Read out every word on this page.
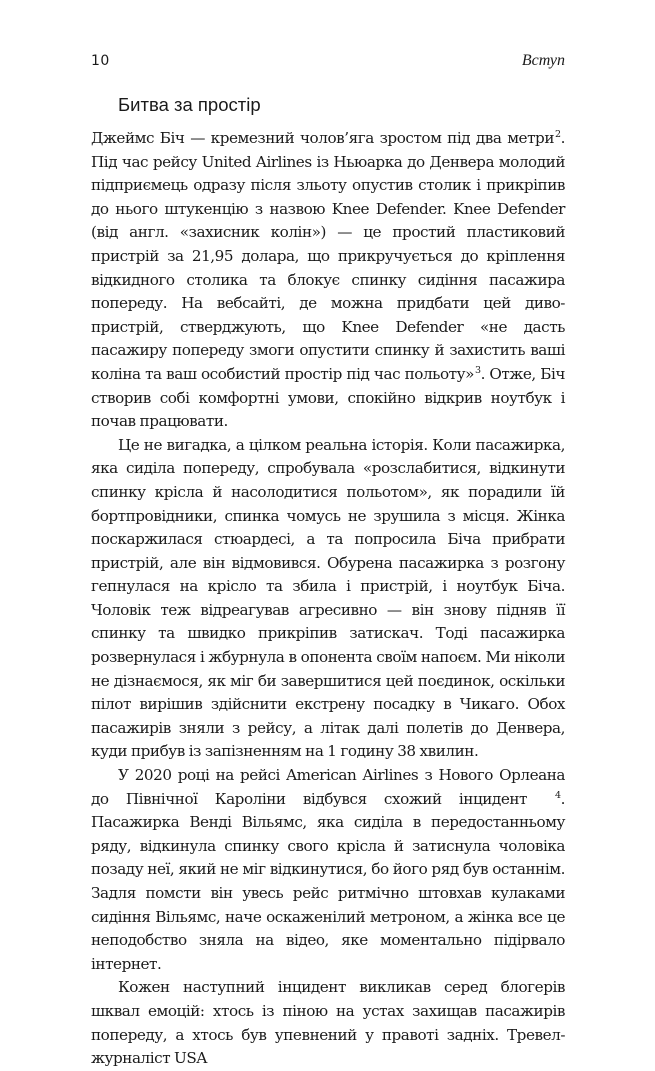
10	Вступ
Битва за простір

Джеймс Біч — кремезний чолов’яга зростом під два метри2. Під час рейсу United Airlines із Ньюарка до Денвера молодий підприємець одразу після зльоту опустив столик і прикріпив до нього штукенцію з назвою Knee Defender. Knee Defender (від англ. «захисник колін») — це простий пластиковий пристрій за 21,95 долара, що прикручується до кріплення відкидного столика та блокує спинку сидіння пасажира попереду. На вебсайті, де можна придбати цей диво-пристрій, стверджують, що Knee Defender «не дасть пасажиру попереду змоги опустити спинку й захистить ваші коліна та ваш особистий простір під час польоту»3. Отже, Біч створив собі комфортні умови, спокійно відкрив ноутбук і почав працювати.

Це не вигадка, а цілком реальна історія. Коли пасажирка, яка сиділа попереду, спробувала «розслабитися, відкинути спинку крісла й насолодитися польотом», як порадили їй бортпровідники, спинка чомусь не зрушила з місця. Жінка поскаржилася стюардесі, а та попросила Біча прибрати пристрій, але він відмовився. Обурена пасажирка з розгону гепнулася на крісло та збила і пристрій, і ноутбук Біча. Чоловік теж відреагував агресивно — він знову підняв її спинку та швидко прикріпив затискач. Тоді пасажирка розвернулася і жбурнула в опонента своїм напоєм. Ми ніколи не дізнаємося, як міг би завершитися цей поєдинок, оскільки пілот вирішив здійснити екстрену посадку в Чикаго. Обох пасажирів зняли з рейсу, а літак далі полетів до Денвера, куди прибув із запізненням на 1 годину 38 хвилин.

У 2020 році на рейсі American Airlines з Нового Орлеана до Північної Кароліни відбувся схожий інцидент	4. Пасажирка Венді Вільямс, яка сиділа в передостанньому ряду, відкинула спинку свого крісла й затиснула чоловіка позаду неї, який не міг відкинутися, бо його ряд був останнім. Задля помсти він увесь рейс ритмічно штовхав кулаками сидіння Вільямс, наче оскаженілий метроном, а жінка все це неподобство зняла на відео, яке моментально підірвало інтернет.

Кожен наступний інцидент викликав серед блогерів шквал емоцій: хтось із піною на устах захищав пасажирів попереду, а хтось був упевнений у правоті задніх. Тревел-журналіст USA
